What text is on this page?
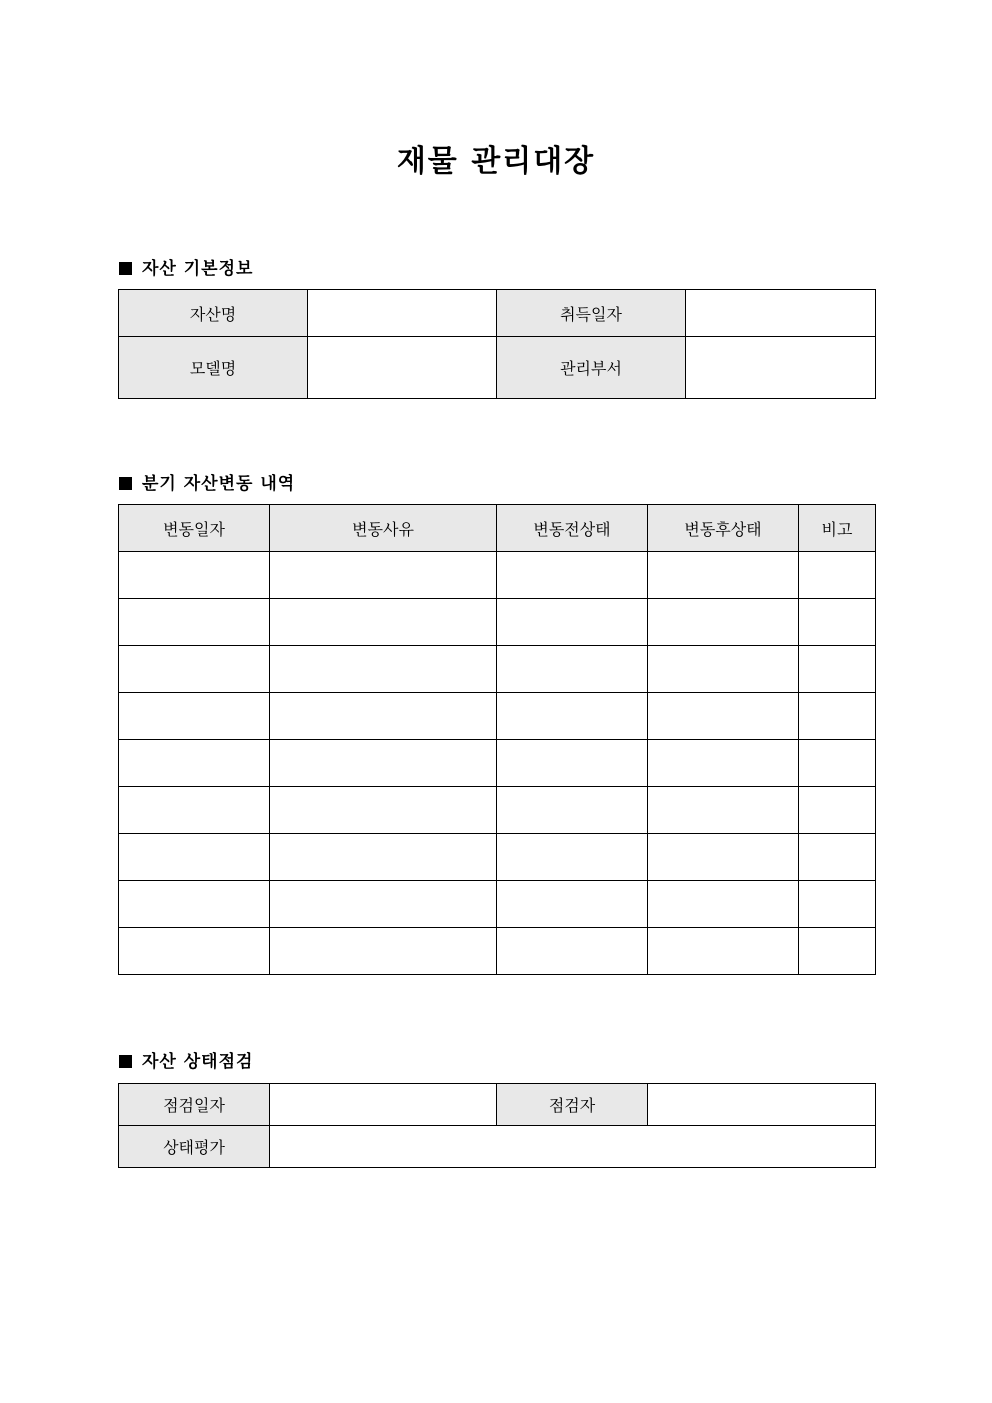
재물 관리대장
자산 기본정보
자산명		취득일자	
모델명		관리부서	
분기 자산변동 내역
변동일자	변동사유	변동전상태	변동후상태	비고

자산 상태점검
점검일자		점검자	
상태평가			
